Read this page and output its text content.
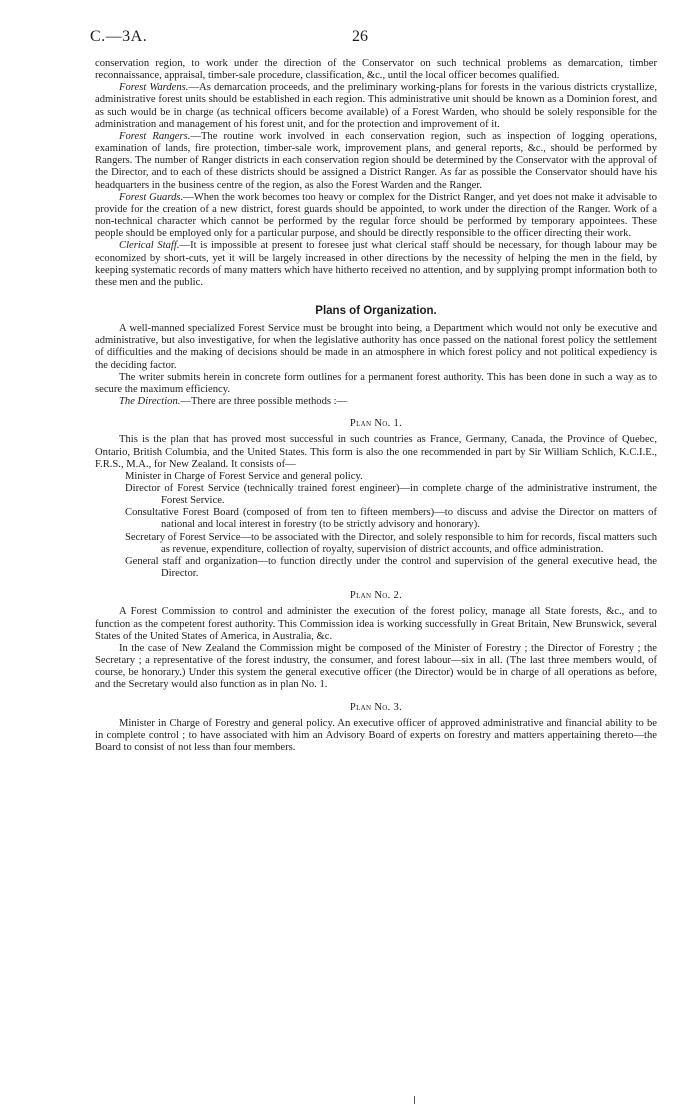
C.—3A.	26

conservation region, to work under the direction of the Conservator on such technical problems as demarcation, timber reconnaissance, appraisal, timber-sale procedure, classification, &c., until the local officer becomes qualified.

Forest Wardens.—As demarcation proceeds, and the preliminary working-plans for forests in the various districts crystallize, administrative forest units should be established in each region. This administrative unit should be known as a Dominion forest, and as such would be in charge (as technical officers become available) of a Forest Warden, who should be solely responsible for the administration and management of his forest unit, and for the protection and improvement of it.

Forest Rangers.—The routine work involved in each conservation region, such as inspection of logging operations, examination of lands, fire protection, timber-sale work, improvement plans, and general reports, &c., should be performed by Rangers. The number of Ranger districts in each conservation region should be determined by the Conservator with the approval of the Director, and to each of these districts should be assigned a District Ranger. As far as possible the Conservator should have his headquarters in the business centre of the region, as also the Forest Warden and the Ranger.

Forest Guards.—When the work becomes too heavy or complex for the District Ranger, and yet does not make it advisable to provide for the creation of a new district, forest guards should be appointed, to work under the direction of the Ranger. Work of a non-technical character which cannot be performed by the regular force should be performed by temporary appointees. These people should be employed only for a particular purpose, and should be directly responsible to the officer directing their work.

Clerical Staff.—It is impossible at present to foresee just what clerical staff should be necessary, for though labour may be economized by short-cuts, yet it will be largely increased in other directions by the necessity of helping the men in the field, by keeping systematic records of many matters which have hitherto received no attention, and by supplying prompt information both to these men and the public.

Plans of Organization.

A well-manned specialized Forest Service must be brought into being, a Department which would not only be executive and administrative, but also investigative, for when the legislative authority has once passed on the national forest policy the settlement of difficulties and the making of decisions should be made in an atmosphere in which forest policy and not political expediency is the deciding factor.

The writer submits herein in concrete form outlines for a permanent forest authority. This has been done in such a way as to secure the maximum efficiency.

The Direction.—There are three possible methods :—

Plan No. 1.

This is the plan that has proved most successful in such countries as France, Germany, Canada, the Province of Quebec, Ontario, British Columbia, and the United States. This form is also the one recommended in part by Sir William Schlich, K.C.I.E., F.R.S., M.A., for New Zealand. It consists of—

Minister in Charge of Forest Service and general policy.

Director of Forest Service (technically trained forest engineer)—in complete charge of the administrative instrument, the Forest Service.

Consultative Forest Board (composed of from ten to fifteen members)—to discuss and advise the Director on matters of national and local interest in forestry (to be strictly advisory and honorary).

Secretary of Forest Service—to be associated with the Director, and solely responsible to him for records, fiscal matters such as revenue, expenditure, collection of royalty, supervision of district accounts, and office administration.

General staff and organization—to function directly under the control and supervision of the general executive head, the Director.

Plan No. 2.

A Forest Commission to control and administer the execution of the forest policy, manage all State forests, &c., and to function as the competent forest authority. This Commission idea is working successfully in Great Britain, New Brunswick, several States of the United States of America, in Australia, &c.

In the case of New Zealand the Commission might be composed of the Minister of Forestry ; the Director of Forestry ; the Secretary ; a representative of the forest industry, the consumer, and forest labour—six in all. (The last three members would, of course, be honorary.) Under this system the general executive officer (the Director) would be in charge of all operations as before, and the Secretary would also function as in plan No. 1.

Plan No. 3.

Minister in Charge of Forestry and general policy. An executive officer of approved administrative and financial ability to be in complete control ; to have associated with him an Advisory Board of experts on forestry and matters appertaining thereto—the Board to consist of not less than four members.
